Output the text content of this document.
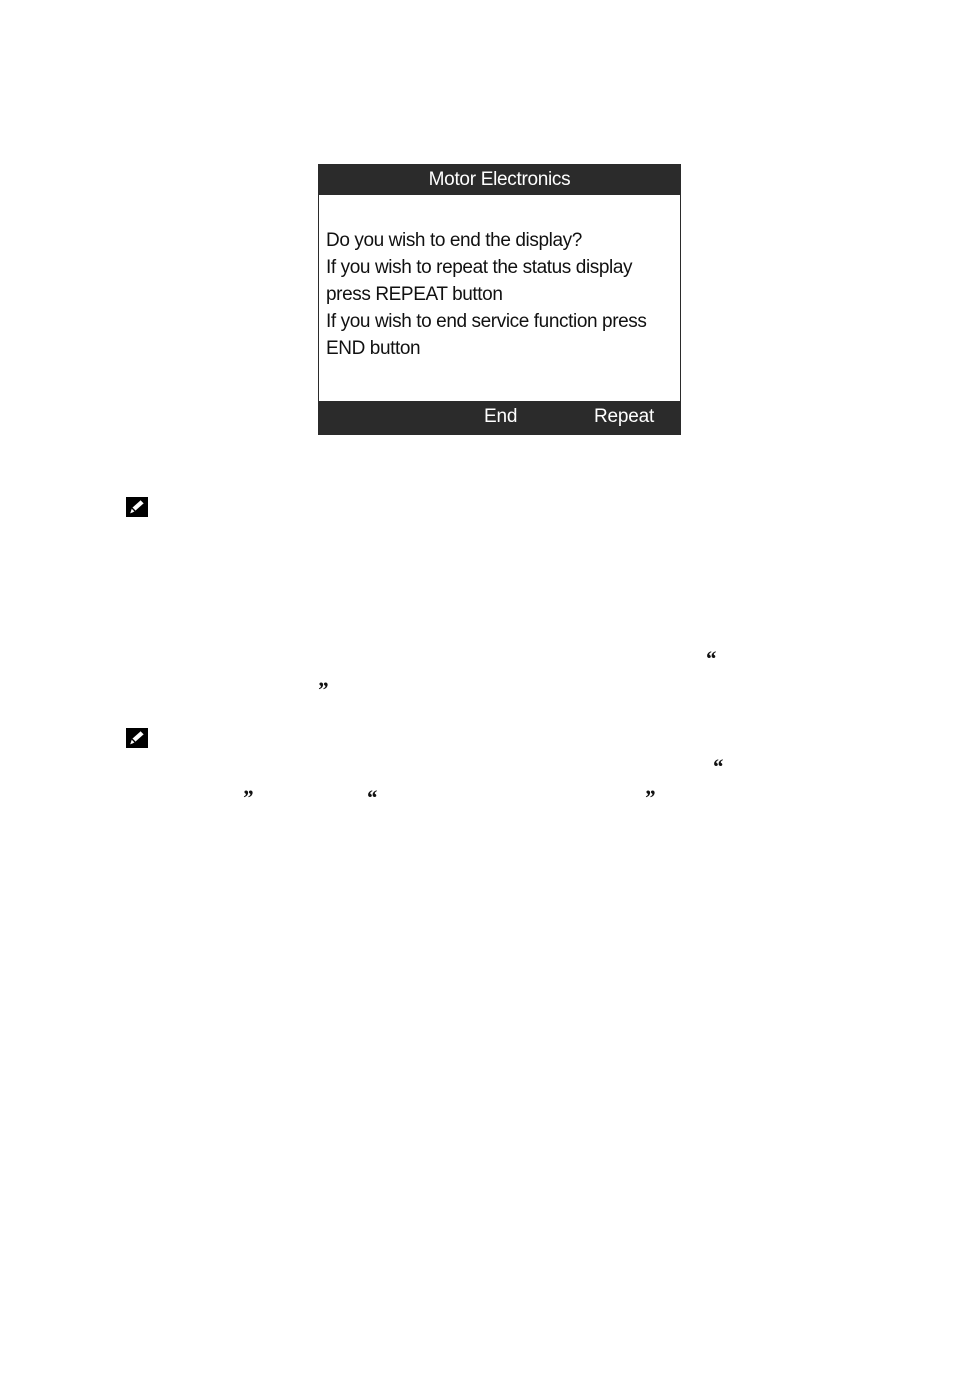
Motor Electronics
Do you wish to end the display?
If you wish to repeat the status display
press REPEAT button
If you wish to end service function press
END button
End	Repeat
“
”
“
”	“	”
